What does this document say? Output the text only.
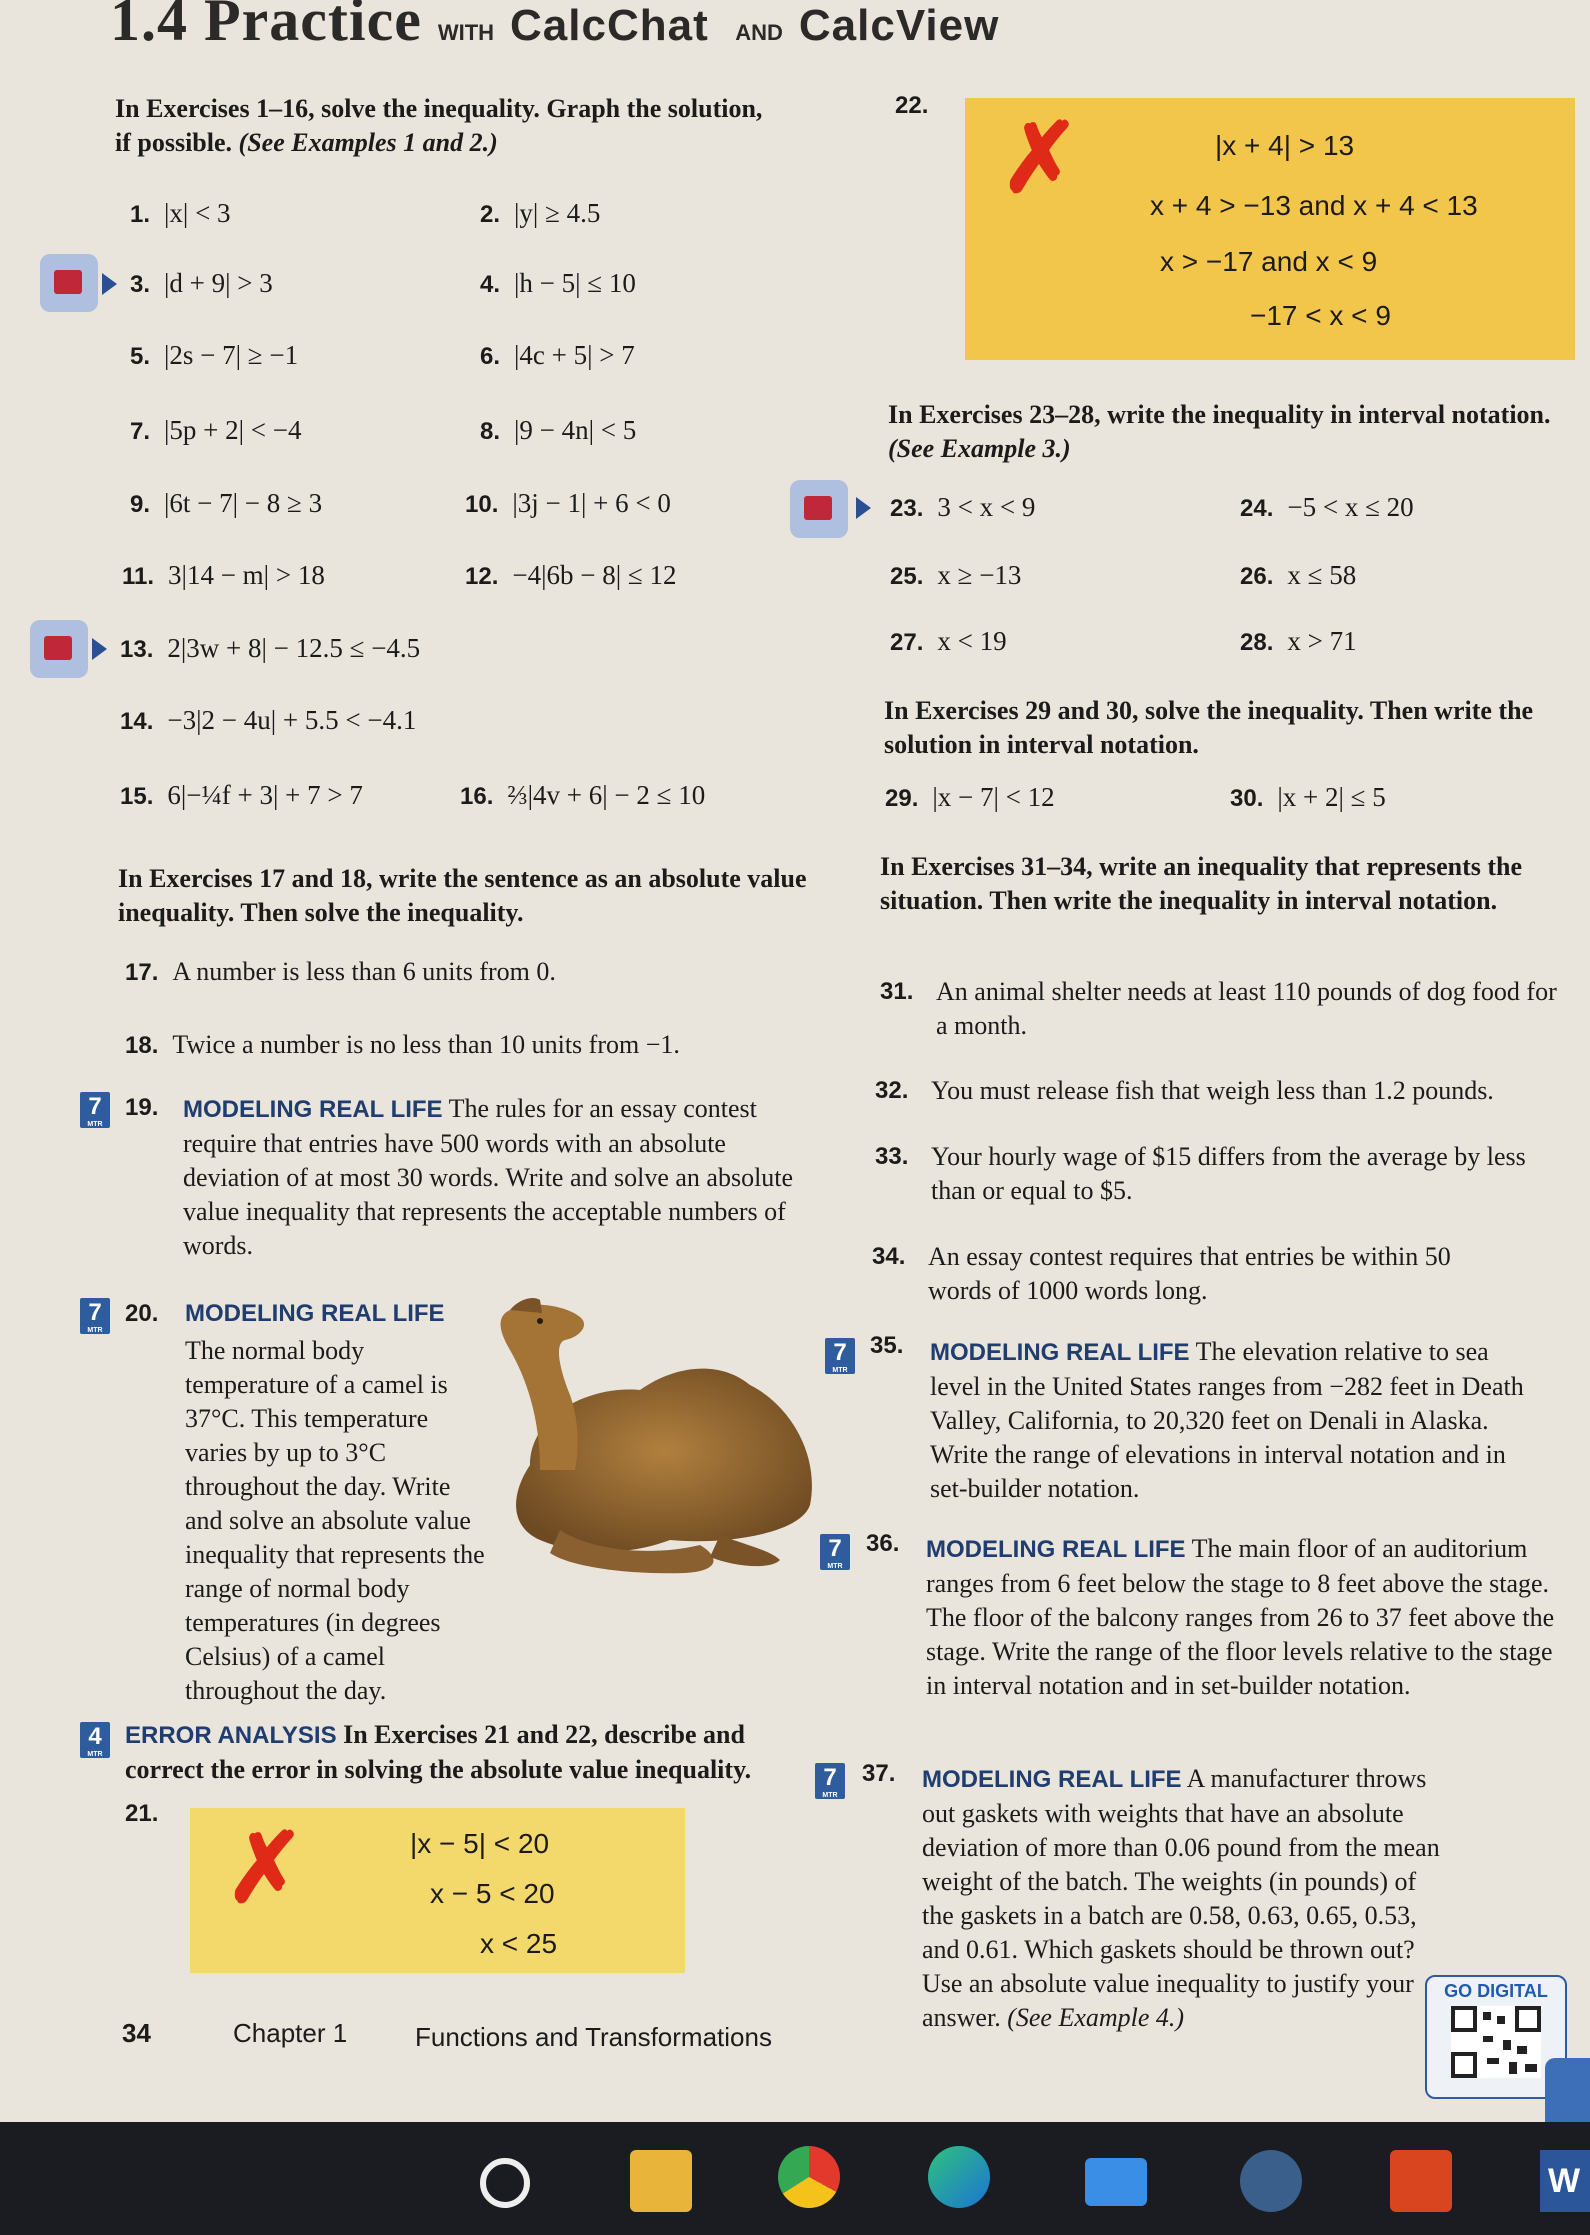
1.4 Practice WITH CalcChat AND CalcView
In Exercises 1–16, solve the inequality. Graph the solution, if possible. (See Examples 1 and 2.)
1. |x| < 3	2. |y| ≥ 4.5
3. |d + 9| > 3	4. |h − 5| ≤ 10
5. |2s − 7| ≥ −1	6. |4c + 5| > 7
7. |5p + 2| < −4	8. |9 − 4n| < 5
9. |6t − 7| − 8 ≥ 3	10. |3j − 1| + 6 < 0
11. 3|14 − m| > 18	12. −4|6b − 8| ≤ 12
13. 2|3w + 8| − 12.5 ≤ −4.5
14. −3|2 − 4u| + 5.5 < −4.1
15. 6|−¼f + 3| + 7 > 7	16. ⅔|4v + 6| − 2 ≤ 10
In Exercises 17 and 18, write the sentence as an absolute value inequality. Then solve the inequality.
17. A number is less than 6 units from 0.
18. Twice a number is no less than 10 units from −1.
7
MTR
19. MODELING REAL LIFE The rules for an essay contest require that entries have 500 words with an absolute deviation of at most 30 words. Write and solve an absolute value inequality that represents the acceptable numbers of words.
7
MTR
20. MODELING REAL LIFE
The normal body temperature of a camel is 37°C. This temperature varies by up to 3°C throughout the day. Write and solve an absolute value inequality that represents the range of normal body temperatures (in degrees Celsius) of a camel throughout the day.
4
MTR
ERROR ANALYSIS In Exercises 21 and 22, describe and correct the error in solving the absolute value inequality.
21.
✗	|x − 5| < 20
x − 5 < 20
x < 25
22. ✗	|x + 4| > 13
x + 4 > −13 and x + 4 < 13
x > −17 and x < 9
−17 < x < 9
In Exercises 23–28, write the inequality in interval notation. (See Example 3.)
23. 3 < x < 9	24. −5 < x ≤ 20
25. x ≥ −13	26. x ≤ 58
27. x < 19	28. x > 71
In Exercises 29 and 30, solve the inequality. Then write the solution in interval notation.
29. |x − 7| < 12	30. |x + 2| ≤ 5
In Exercises 31–34, write an inequality that represents the situation. Then write the inequality in interval notation.
31. An animal shelter needs at least 110 pounds of dog food for a month.
32. You must release fish that weigh less than 1.2 pounds.
33. Your hourly wage of $15 differs from the average by less than or equal to $5.
34. An essay contest requires that entries be within 50 words of 1000 words long.
7
MTR
35. MODELING REAL LIFE The elevation relative to sea level in the United States ranges from −282 feet in Death Valley, California, to 20,320 feet on Denali in Alaska. Write the range of elevations in interval notation and in set-builder notation.
7
MTR
36. MODELING REAL LIFE The main floor of an auditorium ranges from 6 feet below the stage to 8 feet above the stage. The floor of the balcony ranges from 26 to 37 feet above the stage. Write the range of the floor levels relative to the stage in interval notation and in set-builder notation.
7
MTR
37. MODELING REAL LIFE A manufacturer throws out gaskets with weights that have an absolute deviation of more than 0.06 pound from the mean weight of the batch. The weights (in pounds) of the gaskets in a batch are 0.58, 0.63, 0.65, 0.53, and 0.61. Which gaskets should be thrown out? Use an absolute value inequality to justify your answer. (See Example 4.)
GO DIGITAL
34	Chapter 1	Functions and Transformations
W
